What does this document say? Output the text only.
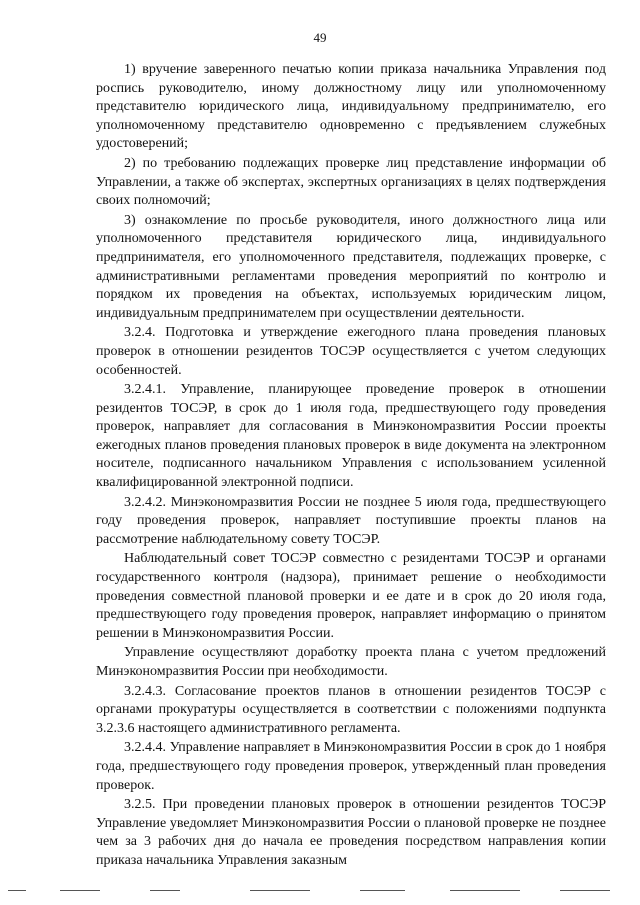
49

1) вручение заверенного печатью копии приказа начальника Управления под роспись руководителю, иному должностному лицу или уполномоченному представителю юридического лица, индивидуальному предпринимателю, его уполномоченному представителю одновременно с предъявлением служебных удостоверений;

2) по требованию подлежащих проверке лиц представление информации об Управлении, а также об экспертах, экспертных организациях в целях подтверждения своих полномочий;

3) ознакомление по просьбе руководителя, иного должностного лица или уполномоченного представителя юридического лица, индивидуального предпринимателя, его уполномоченного представителя, подлежащих проверке, с административными регламентами проведения мероприятий по контролю и порядком их проведения на объектах, используемых юридическим лицом, индивидуальным предпринимателем при осуществлении деятельности.

3.2.4. Подготовка и утверждение ежегодного плана проведения плановых проверок в отношении резидентов ТОСЭР осуществляется с учетом следующих особенностей.

3.2.4.1. Управление, планирующее проведение проверок в отношении резидентов ТОСЭР, в срок до 1 июля года, предшествующего году проведения проверок, направляет для согласования в Минэкономразвития России проекты ежегодных планов проведения плановых проверок в виде документа на электронном носителе, подписанного начальником Управления с использованием усиленной квалифицированной электронной подписи.

3.2.4.2. Минэкономразвития России не позднее 5 июля года, предшествующего году проведения проверок, направляет поступившие проекты планов на рассмотрение наблюдательному совету ТОСЭР.

Наблюдательный совет ТОСЭР совместно с резидентами ТОСЭР и органами государственного контроля (надзора), принимает решение о необходимости проведения совместной плановой проверки и ее дате и в срок до 20 июля года, предшествующего году проведения проверок, направляет информацию о принятом решении в Минэкономразвития России.

Управление осуществляют доработку проекта плана с учетом предложений Минэкономразвития России при необходимости.

3.2.4.3. Согласование проектов планов в отношении резидентов ТОСЭР с органами прокуратуры осуществляется в соответствии с положениями подпункта 3.2.3.6 настоящего административного регламента.

3.2.4.4. Управление направляет в Минэкономразвития России в срок до 1 ноября года, предшествующего году проведения проверок, утвержденный план проведения проверок.

3.2.5. При проведении плановых проверок в отношении резидентов ТОСЭР Управление уведомляет Минэкономразвития России о плановой проверке не позднее чем за 3 рабочих дня до начала ее проведения посредством направления копии приказа начальника Управления заказным
